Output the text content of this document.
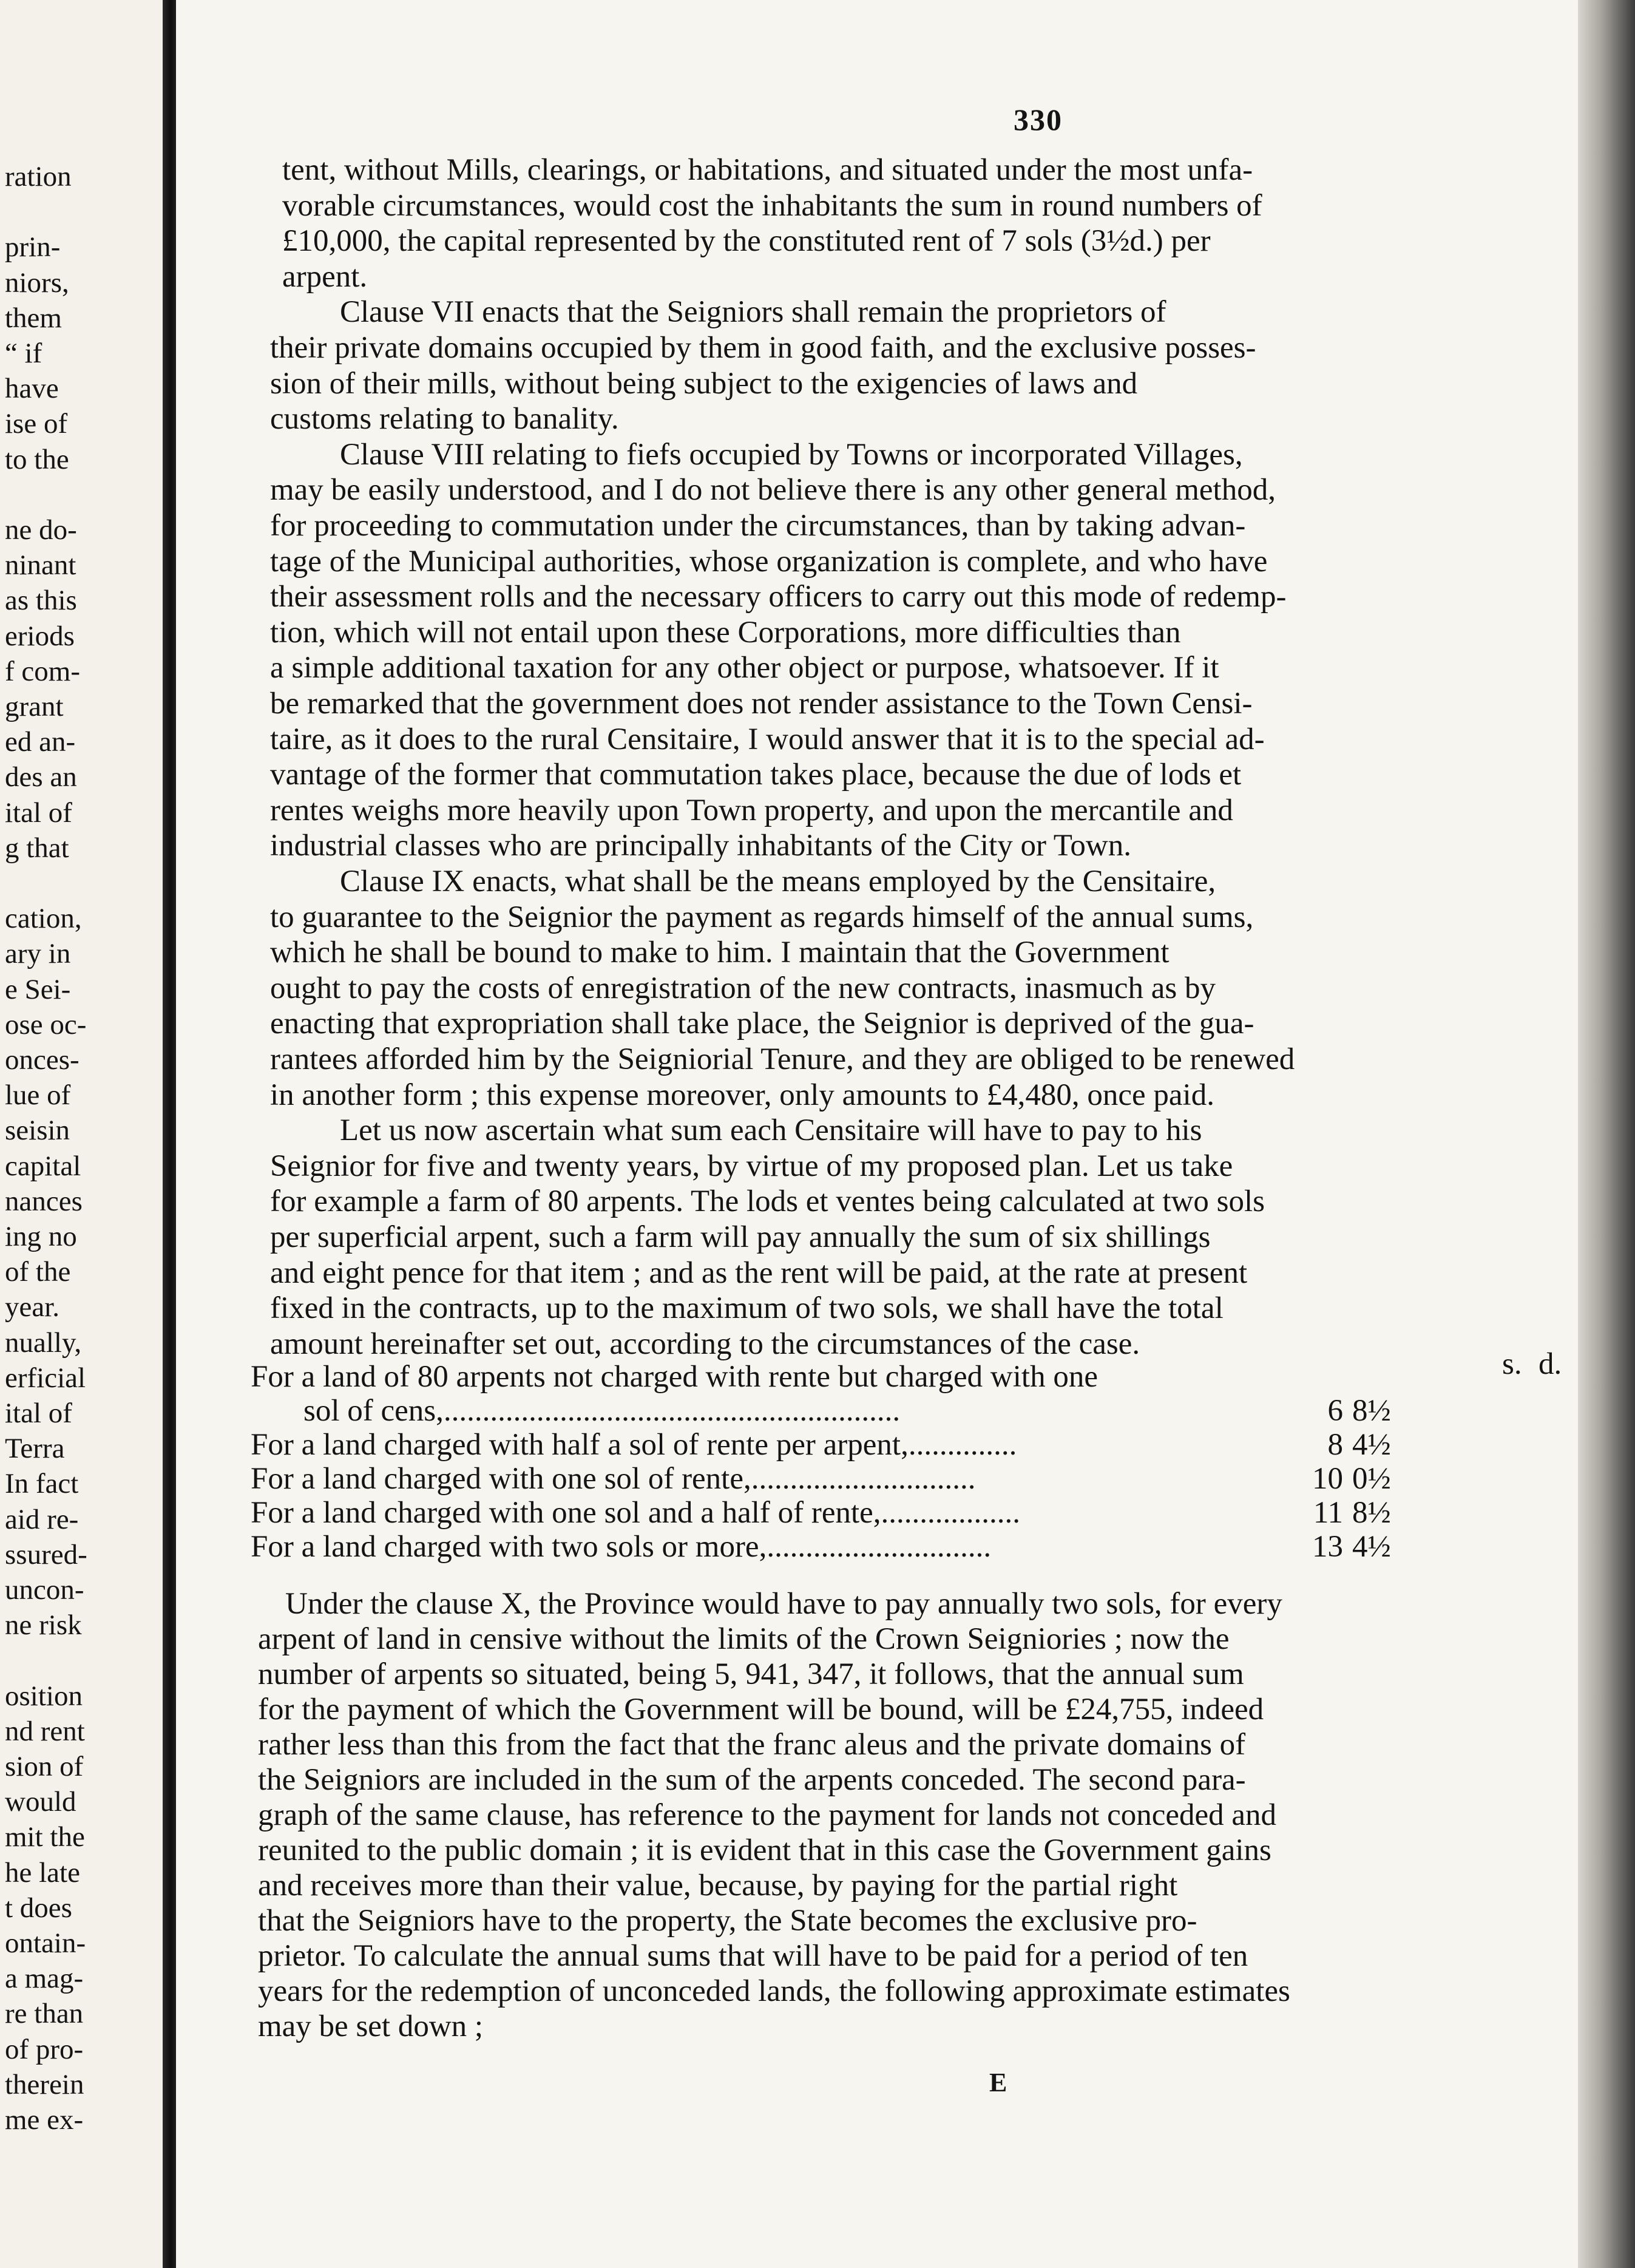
ration
prin-
niors,
them
“ if
have
ise of
to the
ne do-
ninant
as this
eriods
f com-
grant
ed an-
des an
ital of
g that
cation,
ary in
e Sei-
ose oc-
onces-
lue of
seisin
capital
nances
ing no
of the
year.
nually,
erficial
ital of
Terra
In fact
aid re-
ssured-
uncon-
ne risk
osition
nd rent
sion of
would
mit the
he late
t does
ontain-
a mag-
re than
of pro-
therein
me ex-
330
tent, without Mills, clearings, or habitations, and situated under the most unfa-
vorable circumstances, would cost the inhabitants the sum in round numbers of
£10,000, the capital represented by the constituted rent of 7 sols (3½d.) per
arpent.
Clause VII enacts that the Seigniors shall remain the proprietors of
their private domains occupied by them in good faith, and the exclusive posses-
sion of their mills, without being subject to the exigencies of laws and
customs relating to banality.
Clause VIII relating to fiefs occupied by Towns or incorporated Villages,
may be easily understood, and I do not believe there is any other general method,
for proceeding to commutation under the circumstances, than by taking advan-
tage of the Municipal authorities, whose organization is complete, and who have
their assessment rolls and the necessary officers to carry out this mode of redemp-
tion, which will not entail upon these Corporations, more difficulties than
a simple additional taxation for any other object or purpose, whatsoever. If it
be remarked that the government does not render assistance to the Town Censi-
taire, as it does to the rural Censitaire, I would answer that it is to the special ad-
vantage of the former that commutation takes place, because the due of lods et
rentes weighs more heavily upon Town property, and upon the mercantile and
industrial classes who are principally inhabitants of the City or Town.
Clause IX enacts, what shall be the means employed by the Censitaire,
to guarantee to the Seignior the payment as regards himself of the annual sums,
which he shall be bound to make to him. I maintain that the Government
ought to pay the costs of enregistration of the new contracts, inasmuch as by
enacting that expropriation shall take place, the Seignior is deprived of the gua-
rantees afforded him by the Seigniorial Tenure, and they are obliged to be renewed
in another form ; this expense moreover, only amounts to £4,480, once paid.
Let us now ascertain what sum each Censitaire will have to pay to his
Seignior for five and twenty years, by virtue of my proposed plan. Let us take
for example a farm of 80 arpents. The lods et ventes being calculated at two sols
per superficial arpent, such a farm will pay annually the sum of six shillings
and eight pence for that item ; and as the rent will be paid, at the rate at present
fixed in the contracts, up to the maximum of two sols, we shall have the total
amount hereinafter set out, according to the circumstances of the case.
s. d.
For a land of 80 arpents not charged with rente but charged with one
sol of cens,...........................................................	6 8½
For a land charged with half a sol of rente per arpent,..............	8 4½
For a land charged with one sol of rente,.............................	10 0½
For a land charged with one sol and a half of rente,..................	11 8½
For a land charged with two sols or more,.............................	13 4½
Under the clause X, the Province would have to pay annually two sols, for every
arpent of land in censive without the limits of the Crown Seigniories ; now the
number of arpents so situated, being 5, 941, 347, it follows, that the annual sum
for the payment of which the Government will be bound, will be £24,755, indeed
rather less than this from the fact that the franc aleus and the private domains of
the Seigniors are included in the sum of the arpents conceded. The second para-
graph of the same clause, has reference to the payment for lands not conceded and
reunited to the public domain ; it is evident that in this case the Government gains
and receives more than their value, because, by paying for the partial right
that the Seigniors have to the property, the State becomes the exclusive pro-
prietor. To calculate the annual sums that will have to be paid for a period of ten
years for the redemption of unconceded lands, the following approximate estimates
may be set down ;
E
